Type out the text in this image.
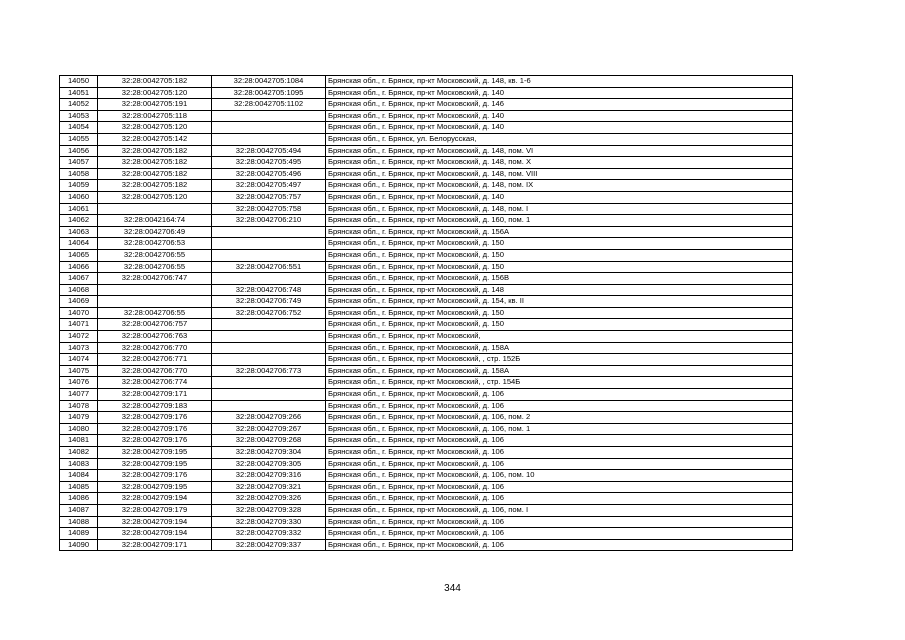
14050	32:28:0042705:182	32:28:0042705:1084	Брянская обл., г. Брянск, пр-кт Московский, д. 148, кв. 1-6
14051	32:28:0042705:120	32:28:0042705:1095	Брянская обл., г. Брянск, пр-кт Московский, д. 140
14052	32:28:0042705:191	32:28:0042705:1102	Брянская обл., г. Брянск, пр-кт Московский, д. 146
14053	32:28:0042705:118		Брянская обл., г. Брянск, пр-кт Московский, д. 140
14054	32:28:0042705:120		Брянская обл., г. Брянск, пр-кт Московский, д. 140
14055	32:28:0042705:142		Брянская обл., г. Брянск, ул. Белорусская,
14056	32:28:0042705:182	32:28:0042705:494	Брянская обл., г. Брянск, пр-кт Московский, д. 148, пом. VI
14057	32:28:0042705:182	32:28:0042705:495	Брянская обл., г. Брянск, пр-кт Московский, д. 148, пом. X
14058	32:28:0042705:182	32:28:0042705:496	Брянская обл., г. Брянск, пр-кт Московский, д. 148, пом. VIII
14059	32:28:0042705:182	32:28:0042705:497	Брянская обл., г. Брянск, пр-кт Московский, д. 148, пом. IX
14060	32:28:0042705:120	32:28:0042705:757	Брянская обл., г. Брянск, пр-кт Московский, д. 140
14061		32:28:0042705:758	Брянская обл., г. Брянск, пр-кт Московский, д. 148, пом. I
14062	32:28:0042164:74	32:28:0042706:210	Брянская обл., г. Брянск, пр-кт Московский, д. 160, пом. 1
14063	32:28:0042706:49		Брянская обл., г. Брянск, пр-кт Московский, д. 156А
14064	32:28:0042706:53		Брянская обл., г. Брянск, пр-кт Московский, д. 150
14065	32:28:0042706:55		Брянская обл., г. Брянск, пр-кт Московский, д. 150
14066	32:28:0042706:55	32:28:0042706:551	Брянская обл., г. Брянск, пр-кт Московский, д. 150
14067	32:28:0042706:747		Брянская обл., г. Брянск, пр-кт Московский, д. 156В
14068		32:28:0042706:748	Брянская обл., г. Брянск, пр-кт Московский, д. 148
14069		32:28:0042706:749	Брянская обл., г. Брянск, пр-кт Московский, д. 154, кв. II
14070	32:28:0042706:55	32:28:0042706:752	Брянская обл., г. Брянск, пр-кт Московский, д. 150
14071	32:28:0042706:757		Брянская обл., г. Брянск, пр-кт Московский, д. 150
14072	32:28:0042706:763		Брянская обл., г. Брянск, пр-кт Московский,
14073	32:28:0042706:770		Брянская обл., г. Брянск, пр-кт Московский, д. 158А
14074	32:28:0042706:771		Брянская обл., г. Брянск, пр-кт Московский, , стр. 152Б
14075	32:28:0042706:770	32:28:0042706:773	Брянская обл., г. Брянск, пр-кт Московский, д. 158А
14076	32:28:0042706:774		Брянская обл., г. Брянск, пр-кт Московский, , стр. 154Б
14077	32:28:0042709:171		Брянская обл., г. Брянск, пр-кт Московский, д. 106
14078	32:28:0042709:183		Брянская обл., г. Брянск, пр-кт Московский, д. 106
14079	32:28:0042709:176	32:28:0042709:266	Брянская обл., г. Брянск, пр-кт Московский, д. 106, пом. 2
14080	32:28:0042709:176	32:28:0042709:267	Брянская обл., г. Брянск, пр-кт Московский, д. 106, пом. 1
14081	32:28:0042709:176	32:28:0042709:268	Брянская обл., г. Брянск, пр-кт Московский, д. 106
14082	32:28:0042709:195	32:28:0042709:304	Брянская обл., г. Брянск, пр-кт Московский, д. 106
14083	32:28:0042709:195	32:28:0042709:305	Брянская обл., г. Брянск, пр-кт Московский, д. 106
14084	32:28:0042709:176	32:28:0042709:316	Брянская обл., г. Брянск, пр-кт Московский, д. 106, пом. 10
14085	32:28:0042709:195	32:28:0042709:321	Брянская обл., г. Брянск, пр-кт Московский, д. 106
14086	32:28:0042709:194	32:28:0042709:326	Брянская обл., г. Брянск, пр-кт Московский, д. 106
14087	32:28:0042709:179	32:28:0042709:328	Брянская обл., г. Брянск, пр-кт Московский, д. 106, пом. I
14088	32:28:0042709:194	32:28:0042709:330	Брянская обл., г. Брянск, пр-кт Московский, д. 106
14089	32:28:0042709:194	32:28:0042709:332	Брянская обл., г. Брянск, пр-кт Московский, д. 106
14090	32:28:0042709:171	32:28:0042709:337	Брянская обл., г. Брянск, пр-кт Московский, д. 106
344
